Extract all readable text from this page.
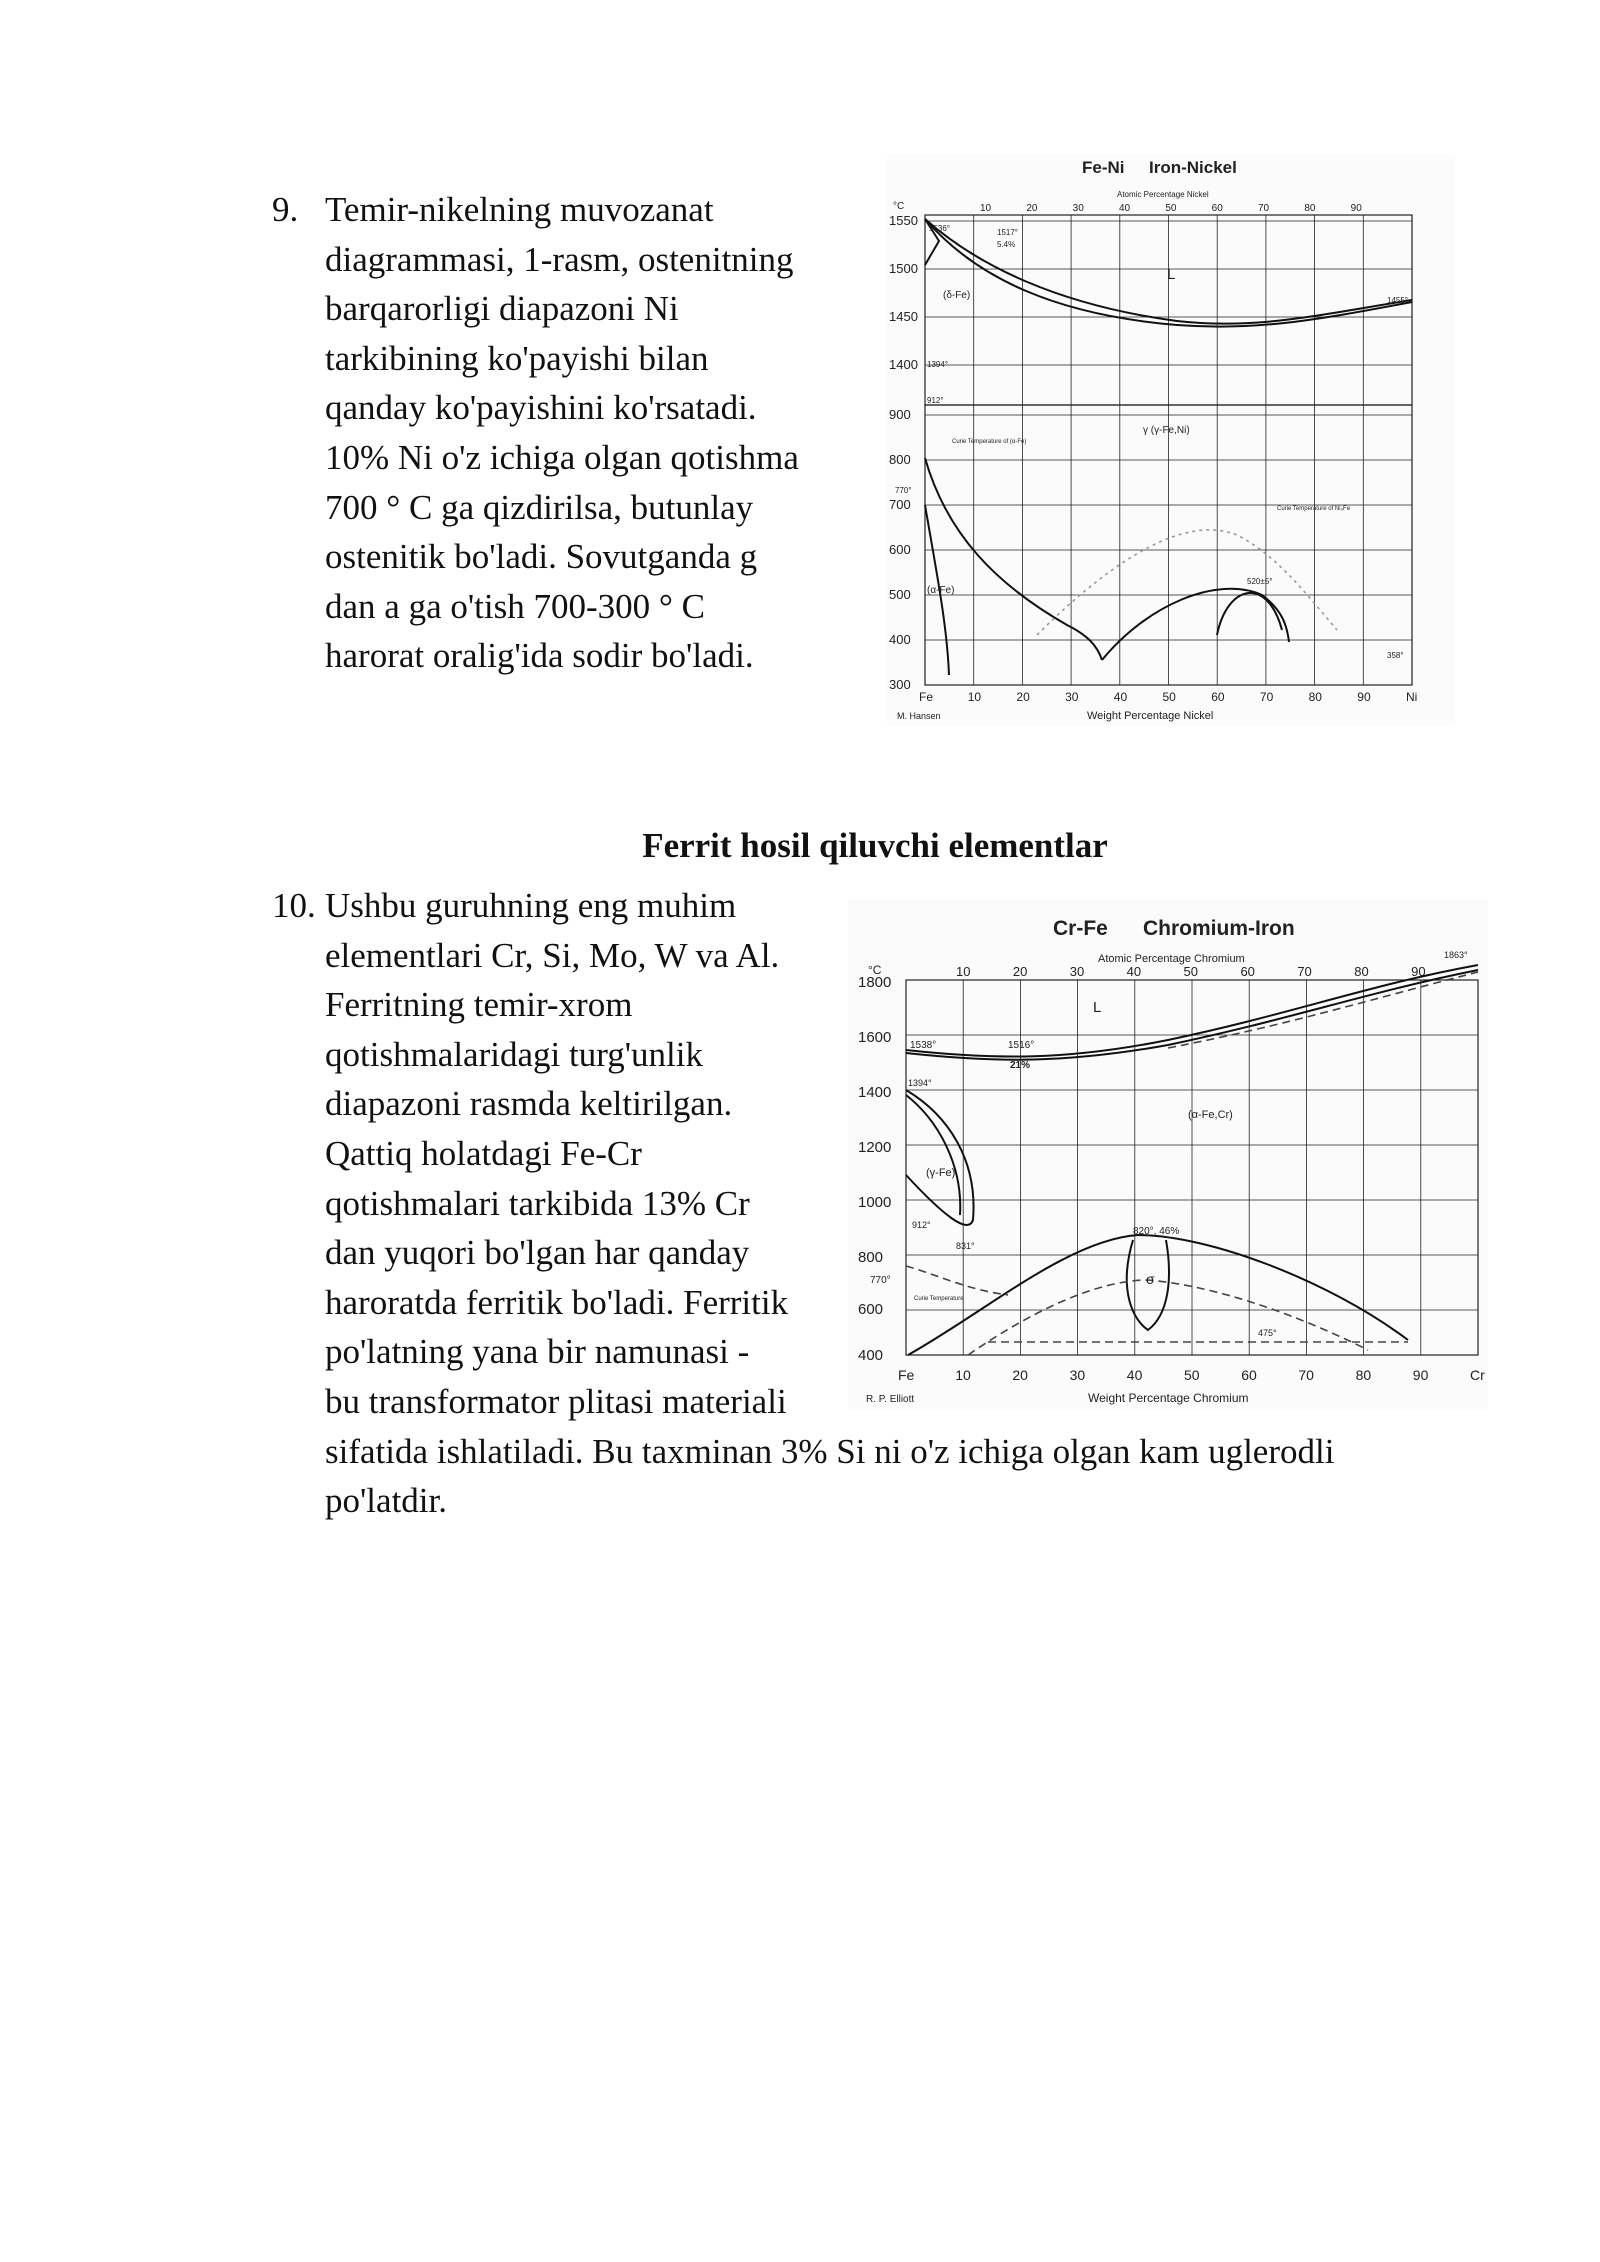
9. Temir-nikelning muvozanat
diagrammasi, 1-rasm, ostenitning
barqarorligi diapazoni Ni
tarkibining ko'payishi bilan
qanday ko'payishini ko'rsatadi.
10% Ni o'z ichiga olgan qotishma
700 ° C ga qizdirilsa, butunlay
ostenitik bo'ladi. Sovutganda g
dan a ga o'tish 700-300 ° C
harorat oralig'ida sodir bo'ladi.
Fe-Ni Iron-Nickel
Atomic Percentage Nickel
10	20	30	40	50	60	70	80	90
°C
1550
1500
1450
1400
900
800
700
600
500
400
300
Fe	10	20	30	40	50	60	70	80	90	Ni
Weight Percentage Nickel
M. Hansen
L
γ (γ-Fe,Ni)
(δ-Fe)
(α-Fe)
1536°	1517°
5.4%
1455°
1394°
912°
770°
358°
520±5°
Curie Temperature of (α-Fe)
Curie Temperature of Ni₃Fe
Ferrit hosil qiluvchi elementlar
10. Ushbu guruhning eng muhim
elementlari Cr, Si, Mo, W va Al.
Ferritning temir-xrom
qotishmalaridagi turg'unlik
diapazoni rasmda keltirilgan.
Qattiq holatdagi Fe-Cr
qotishmalari tarkibida 13% Cr
dan yuqori bo'lgan har qanday
haroratda ferritik bo'ladi. Ferritik
po'latning yana bir namunasi -
bu transformator plitasi materiali
sifatida ishlatiladi. Bu taxminan 3% Si ni o'z ichiga olgan kam uglerodli
po'latdir.
Cr-Fe Chromium-Iron
Atomic Percentage Chromium
10	20	30	40	50	60	70	80	90
°C
1800
1600
1400
1200
1000
800
770°
600
400
Fe	10	20	30	40	50	60	70	80	90	Cr
Weight Percentage Chromium
R. P. Elliott
L
1538°	1516°
21%
1394°
(α-Fe,Cr)
(γ-Fe)
912°
831°
σ
820°, 46%
475°
1863°
Curie Temperature
